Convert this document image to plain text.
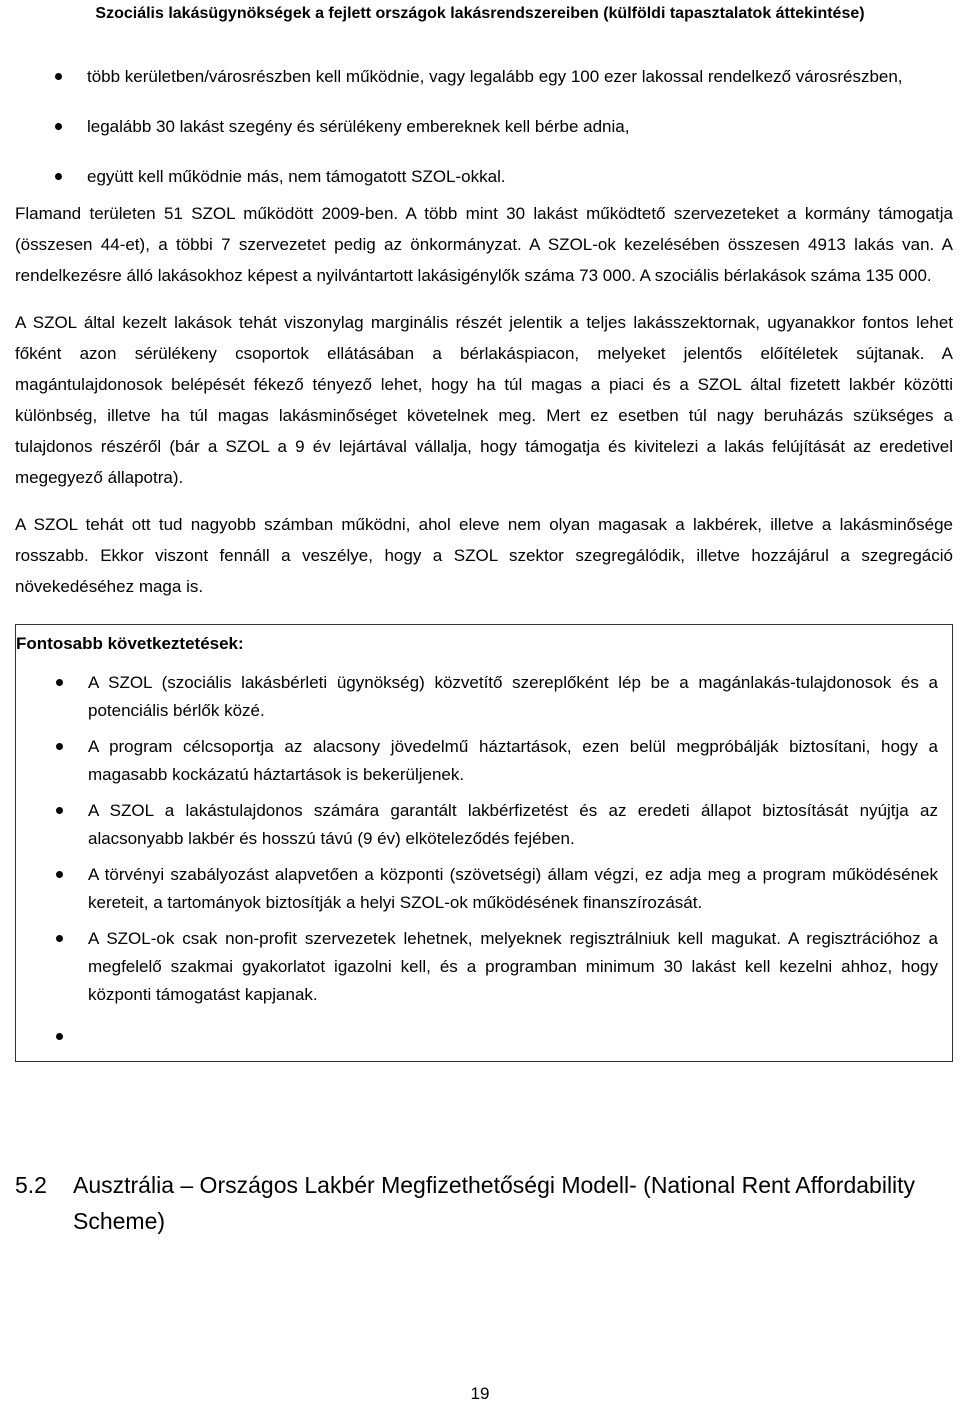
Szociális lakásügynökségek a fejlett országok lakásrendszereiben (külföldi tapasztalatok áttekintése)
több kerületben/városrészben kell működnie, vagy legalább egy 100 ezer lakossal rendelkező városrészben,
legalább 30 lakást szegény és sérülékeny embereknek kell bérbe adnia,
együtt kell működnie más, nem támogatott SZOL-okkal.

Flamand területen 51 SZOL működött 2009-ben. A több mint 30 lakást működtető szervezeteket a kormány támogatja (összesen 44-et), a többi 7 szervezetet pedig az önkormányzat. A SZOL-ok kezelésében összesen 4913 lakás van. A rendelkezésre álló lakásokhoz képest a nyilvántartott lakásigénylők száma 73 000. A szociális bérlakások száma 135 000.

A SZOL által kezelt lakások tehát viszonylag marginális részét jelentik a teljes lakásszektornak, ugyanakkor fontos lehet főként azon sérülékeny csoportok ellátásában a bérlakáspiacon, melyeket jelentős előítéletek sújtanak. A magántulajdonosok belépését fékező tényező lehet, hogy ha túl magas a piaci és a SZOL által fizetett lakbér közötti különbség, illetve ha túl magas lakásminőséget követelnek meg. Mert ez esetben túl nagy beruházás szükséges a tulajdonos részéről (bár a SZOL a 9 év lejártával vállalja, hogy támogatja és kivitelezi a lakás felújítását az eredetivel megegyező állapotra).

A SZOL tehát ott tud nagyobb számban működni, ahol eleve nem olyan magasak a lakbérek, illetve a lakásminősége rosszabb. Ekkor viszont fennáll a veszélye, hogy a SZOL szektor szegregálódik, illetve hozzájárul a szegregáció növekedéséhez maga is.

Fontosabb következtetések:
A SZOL (szociális lakásbérleti ügynökség) közvetítő szereplőként lép be a magánlakás-tulajdonosok és a potenciális bérlők közé.
A program célcsoportja az alacsony jövedelmű háztartások, ezen belül megpróbálják biztosítani, hogy a magasabb kockázatú háztartások is bekerüljenek.
A SZOL a lakástulajdonos számára garantált lakbérfizetést és az eredeti állapot biztosítását nyújtja az alacsonyabb lakbér és hosszú távú (9 év) elköteleződés fejében.
A törvényi szabályozást alapvetően a központi (szövetségi) állam végzi, ez adja meg a program működésének kereteit, a tartományok biztosítják a helyi SZOL-ok működésének finanszírozását.
A SZOL-ok csak non-profit szervezetek lehetnek, melyeknek regisztrálniuk kell magukat. A regisztrációhoz a megfelelő szakmai gyakorlatot igazolni kell, és a programban minimum 30 lakást kell kezelni ahhoz, hogy központi támogatást kapjanak.
5.2	Ausztrália – Országos Lakbér Megfizethetőségi Modell- (National Rent Affordability Scheme)
19
